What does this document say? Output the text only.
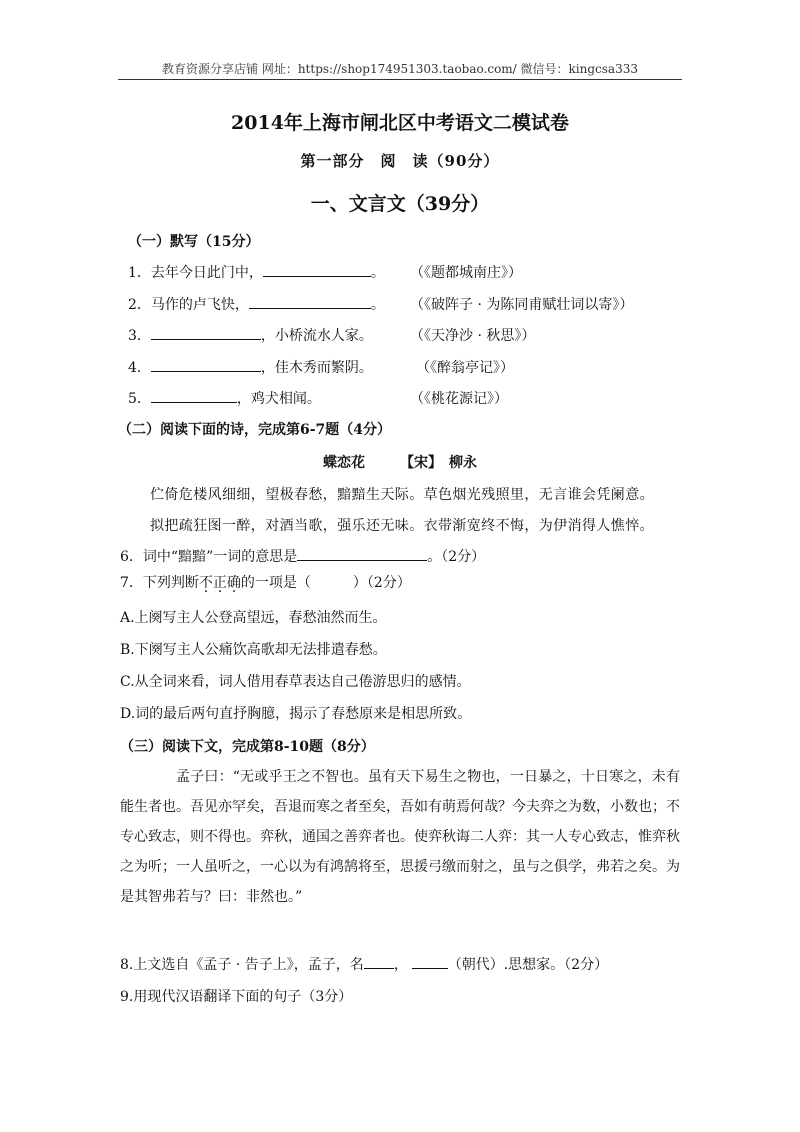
教育资源分享店铺 网址：https://shop174951303.taobao.com/ 微信号：kingcsa333
2014年上海市闸北区中考语文二模试卷
第一部分　阅　读（90分）
一、文言文（39分）
（一）默写（15分）
1．去年今日此门中，	。 （《题都城南庄》）
2．马作的卢飞快，	。 （《破阵子 · 为陈同甫赋壮词以寄》）
3．	，小桥流水人家。	（《天净沙 · 秋思》）
4．	，佳木秀而繁阴。	（《醉翁亭记》）
5．	，鸡犬相闻。	（《桃花源记》）
（二）阅读下面的诗，完成第6-7题（4分）
蝶恋花　　　【宋】　柳永
伫倚危楼风细细，望极春愁，黯黯生天际。草色烟光残照里，无言谁会凭阑意。
拟把疏狂图一醉，对酒当歌，强乐还无味。衣带渐宽终不悔，为伊消得人憔悴。
6．词中“黯黯”一词的意思是	。（2分）
7．下列判断不正确的一项是（　　　）（2分）
A.上阕写主人公登高望远，春愁油然而生。
B.下阕写主人公痛饮高歌却无法排遣春愁。
C.从全词来看，词人借用春草表达自己倦游思归的感情。
D.词的最后两句直抒胸臆，揭示了春愁原来是相思所致。
（三）阅读下文，完成第8-10题（8分）
孟子曰：“无或乎王之不智也。虽有天下易生之物也，一日暴之，十日寒之，未有能生者也。吾见亦罕矣，吾退而寒之者至矣，吾如有萌焉何哉？今夫弈之为数，小数也；不专心致志，则不得也。弈秋，通国之善弈者也。使弈秋诲二人弈：其一人专心致志，惟弈秋之为听；一人虽听之，一心以为有鸿鹄将至，思援弓缴而射之，虽与之俱学，弗若之矣。为是其智弗若与？曰：非然也。”
8.上文选自《孟子 · 告子上》，孟子，名 ，	（朝代）.思想家。（2分）
9.用现代汉语翻译下面的句子（3分）
